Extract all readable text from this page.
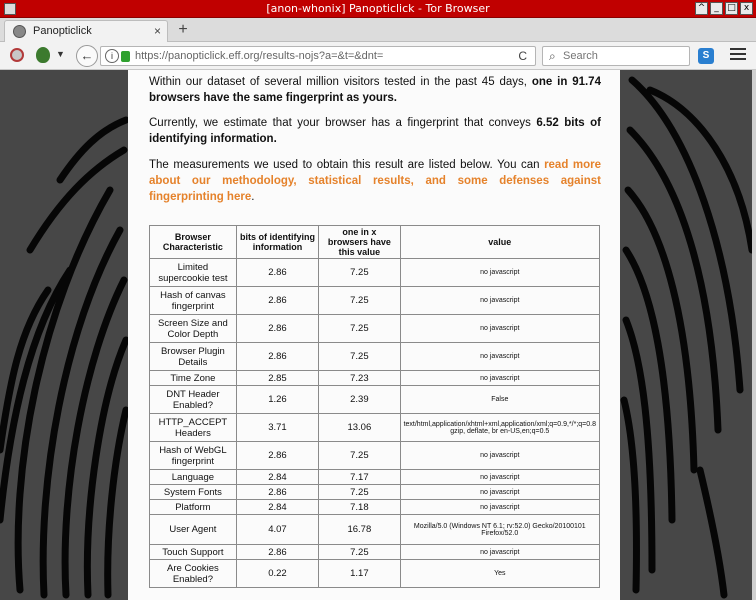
[anon-whonix] Panopticlick - Tor Browser	^ _ □ x
Panopticlick	× +
▼	←	i	https://panopticlick.eff.org/results-nojs?a=&t=&dnt=	C ⌕
Search	S

Within our dataset of several million visitors tested in the past 45 days, one in 91.74 browsers have the same fingerprint as yours.

Currently, we estimate that your browser has a fingerprint that conveys 6.52 bits of identifying information.

The measurements we used to obtain this result are listed below. You can read more about our methodology, statistical results, and some defenses against fingerprinting here.

Browser Characteristic	bits of identifying information	one in x browsers have this value	value
Limited supercookie test	2.86	7.25	no javascript
Hash of canvas fingerprint	2.86	7.25	no javascript
Screen Size and Color Depth	2.86	7.25	no javascript
Browser Plugin Details	2.86	7.25	no javascript
Time Zone	2.85	7.23	no javascript
DNT Header Enabled?	1.26	2.39	False
HTTP_ACCEPT Headers	3.71	13.06	text/html,application/xhtml+xml,application/xml;q=0.9,*/*;q=0.8 gzip, deflate, br en-US,en;q=0.5
Hash of WebGL fingerprint	2.86	7.25	no javascript
Language	2.84	7.17	no javascript
System Fonts	2.86	7.25	no javascript
Platform	2.84	7.18	no javascript
User Agent	4.07	16.78	Mozilla/5.0 (Windows NT 6.1; rv:52.0) Gecko/20100101 Firefox/52.0
Touch Support	2.86	7.25	no javascript
Are Cookies Enabled?	0.22	1.17	Yes
